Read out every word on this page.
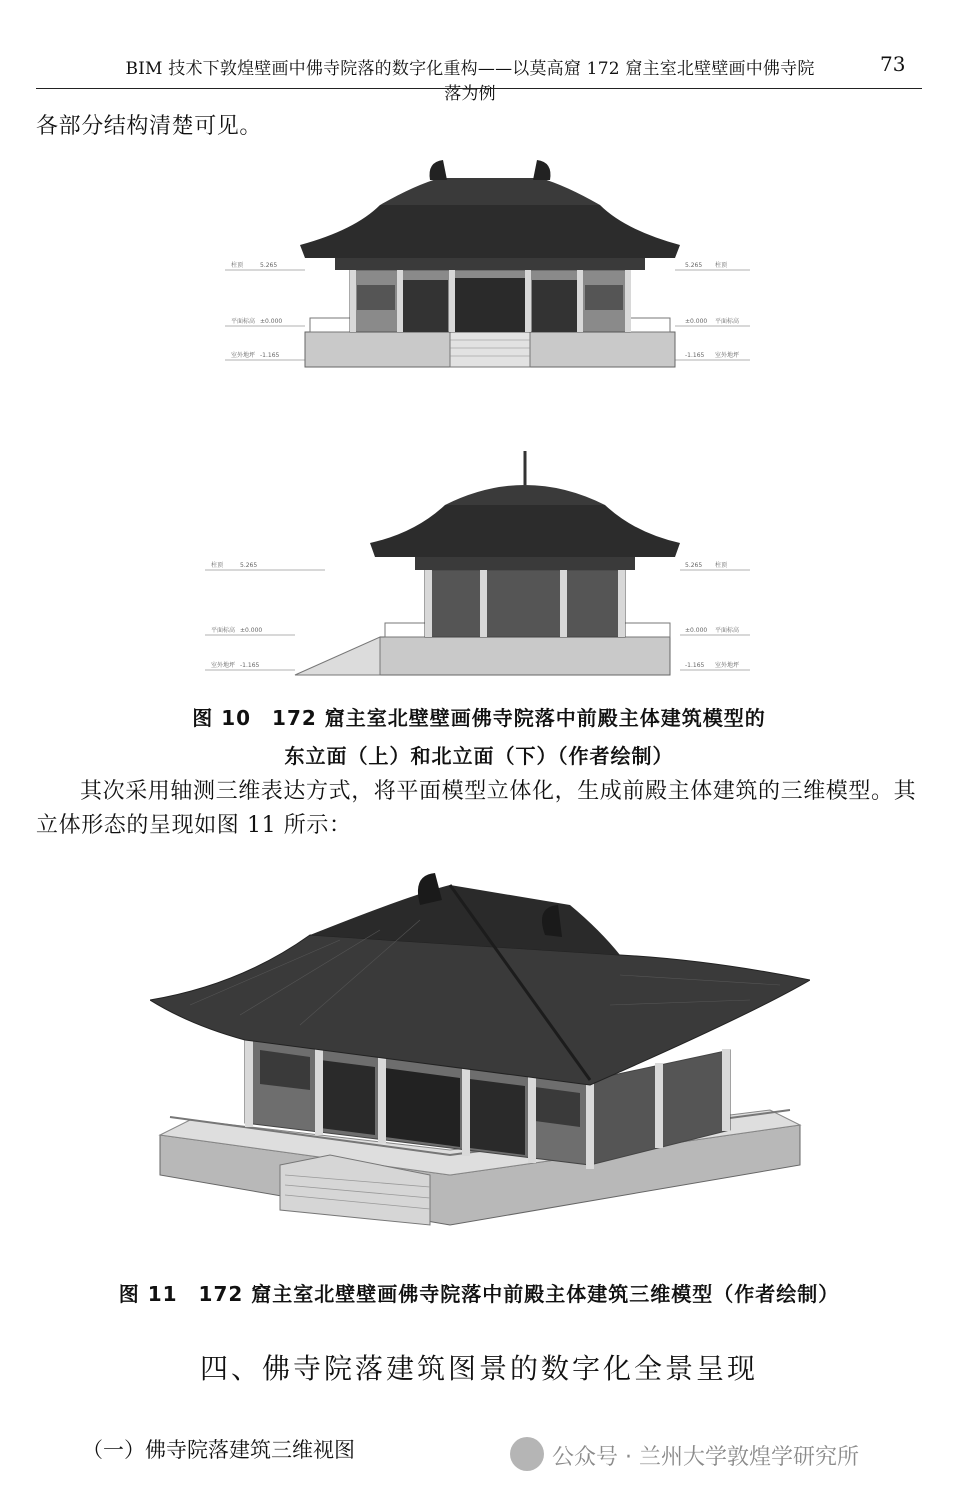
BIM 技术下敦煌壁画中佛寺院落的数字化重构——以莫高窟 172 窟主室北壁壁画中佛寺院落为例
73
各部分结构清楚可见。
柱顶	5.265
平面标高 ±0.000
室外地坪 -1.165
柱顶
5.265
平面标高
±0.000
室外地坪
-1.165
柱顶	5.265
平面标高 ±0.000
室外地坪 -1.165
柱顶
5.265
平面标高
±0.000
室外地坪
-1.165
图 10　172 窟主室北壁壁画佛寺院落中前殿主体建筑模型的
东立面（上）和北立面（下）（作者绘制）
其次采用轴测三维表达方式，将平面模型立体化，生成前殿主体建筑的三维模型。其立体形态的呈现如图 11 所示：
图 11　172 窟主室北壁壁画佛寺院落中前殿主体建筑三维模型（作者绘制）
四、佛寺院落建筑图景的数字化全景呈现
（一）佛寺院落建筑三维视图	公众号 · 兰州大学敦煌学研究所
